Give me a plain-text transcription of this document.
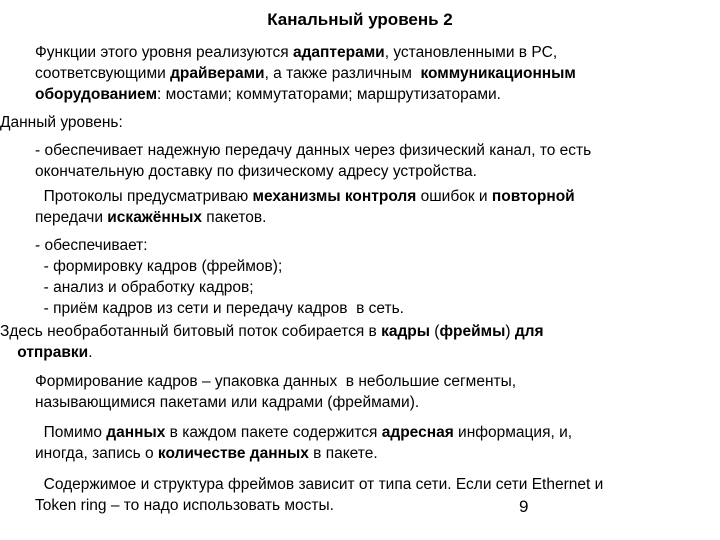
Канальный уровень 2

Функции этого уровня реализуются адаптерами, установленными в PC,
соответсвующими драйверами, а также различным  коммуникационным
оборудованием: мостами; коммутаторами; маршрутизаторами.

Данный уровень:

- обеспечивает надежную передачу данных через физический канал, то есть
окончательную доставку по физическому адресу устройства.

Протоколы предусматриваю механизмы контроля ошибок и повторной
передачи искажённых пакетов.

- обеспечивает:
- формировку кадров (фреймов);
- анализ и обработку кадров;
- приём кадров из сети и передачу кадров  в сеть.

Здесь необработанный битовый поток собирается в кадры (фреймы) для
отправки.

Формирование кадров – упаковка данных  в небольшие сегменты,
называющимися пакетами или кадрами (фреймами).

Помимо данных в каждом пакете содержится адресная информация, и,
иногда, запись о количестве данных в пакете.

Содержимое и структура фреймов зависит от типа сети. Если сети Ethernet и
Token ring – то надо использовать мосты.	9
